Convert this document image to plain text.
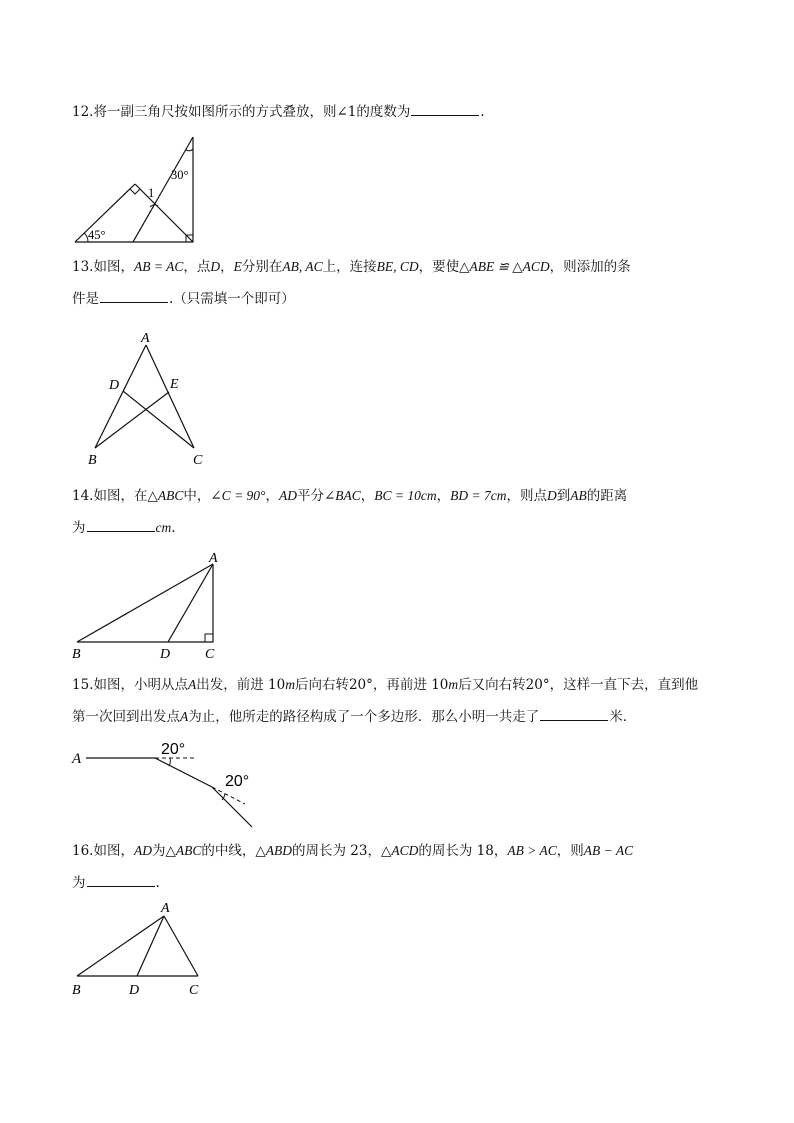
12.将一副三角尺按如图所示的方式叠放，则∠1的度数为	.
30°
45°
1
13.如图，AB = AC，点D，E分别在AB, AC上，连接BE, CD，要使△ABE ≌ △ACD，则添加的条
件是	.（只需填一个即可）
A
B	C
D	E
14.如图，在△ABC中，∠C = 90°，AD平分∠BAC，BC = 10cm，BD = 7cm，则点D到AB的距离
为	cm.
A
B	D C
15.如图，小明从点A出发，前进 10m后向右转20°，再前进 10m后又向右转20°，这样一直下去，直到他
第一次回到出发点A为止，他所走的路径构成了一个多边形．那么小明一共走了	米．
A
20°
20°
16.如图，AD为△ABC的中线，△ABD的周长为 23，△ACD的周长为 18，AB > AC，则AB − AC
为	.
A
B	D	C
